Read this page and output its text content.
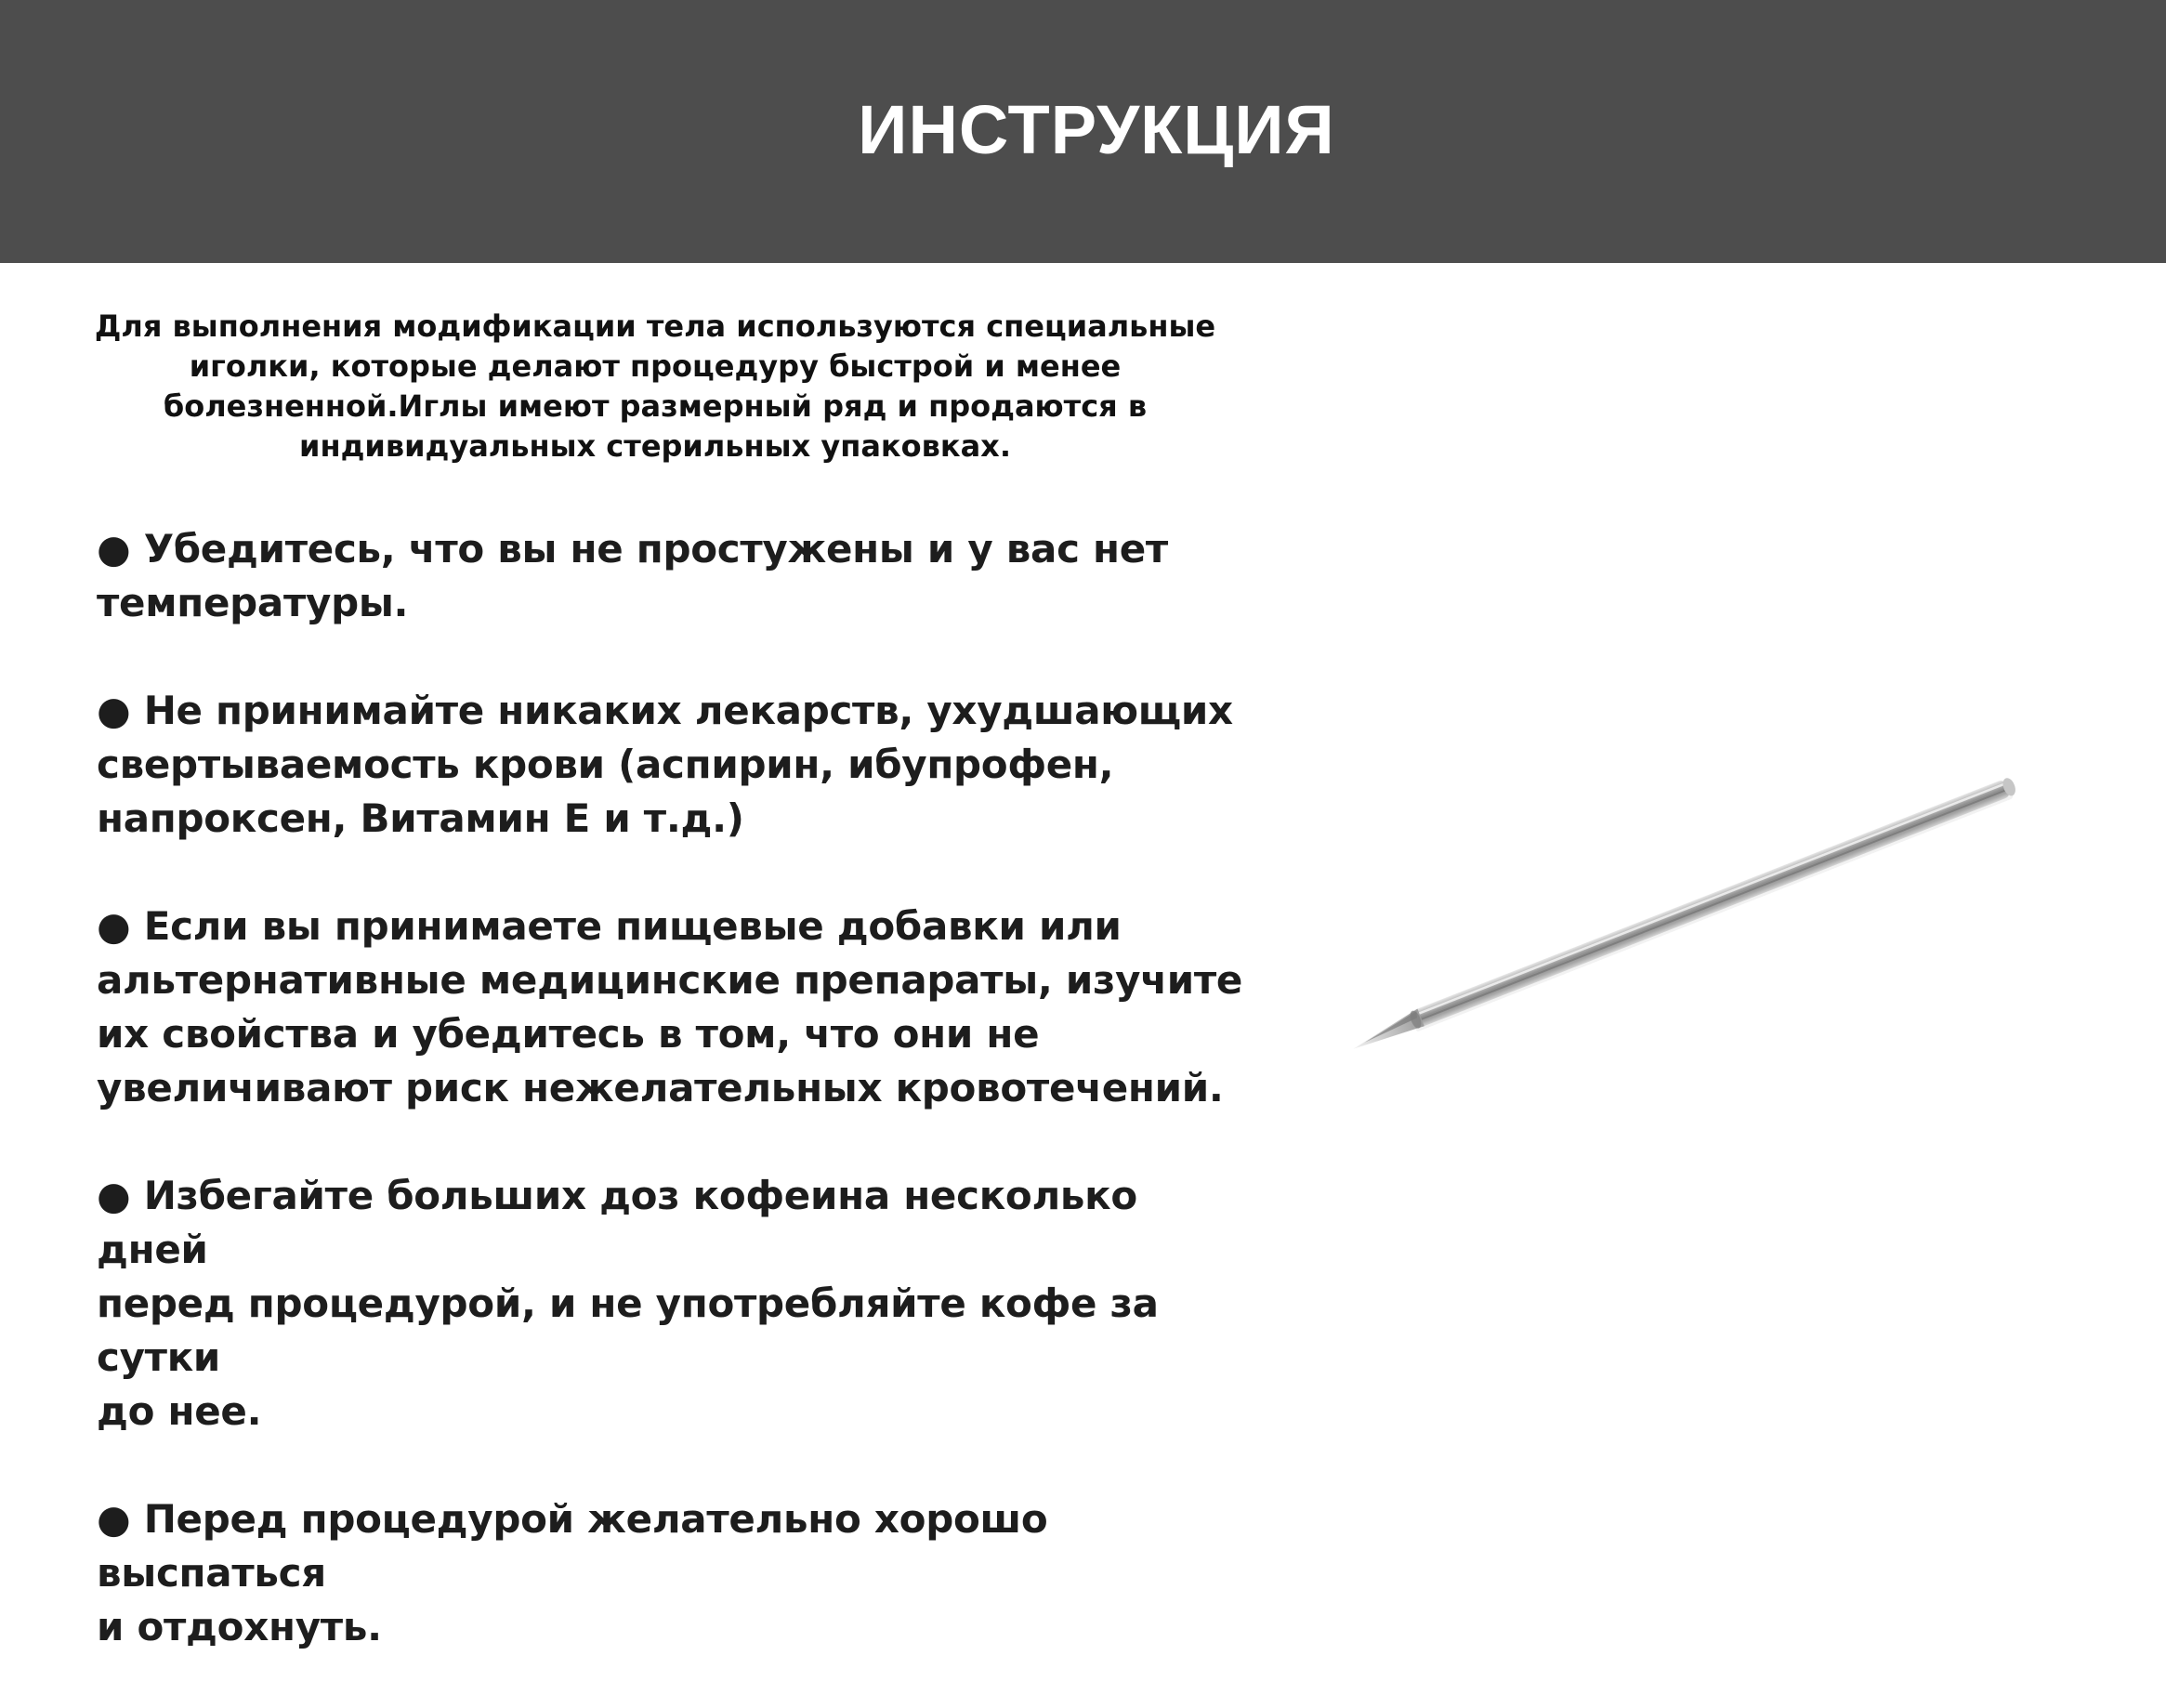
ИНСТРУКЦИЯ

Для выполнения модификации тела используются специальные
иголки, которые делают процедуру быстрой и менее
болезненной.Иглы имеют размерный ряд и продаются в
индивидуальных стерильных упаковках.

● Убедитесь, что вы не простужены и у вас нет
температуры.
● Не принимайте никаких лекарств, ухудшающих
свертываемость крови (аспирин, ибупрофен,
напроксен, Витамин Е и т.д.)
● Если вы принимаете пищевые добавки или
альтернативные медицинские препараты, изучите
их свойства и убедитесь в том, что они не
увеличивают риск нежелательных кровотечений.
● Избегайте больших доз кофеина несколько дней
перед процедурой, и не употребляйте кофе за сутки
до нее.
● Перед процедурой желательно хорошо выспаться
и отдохнуть.
